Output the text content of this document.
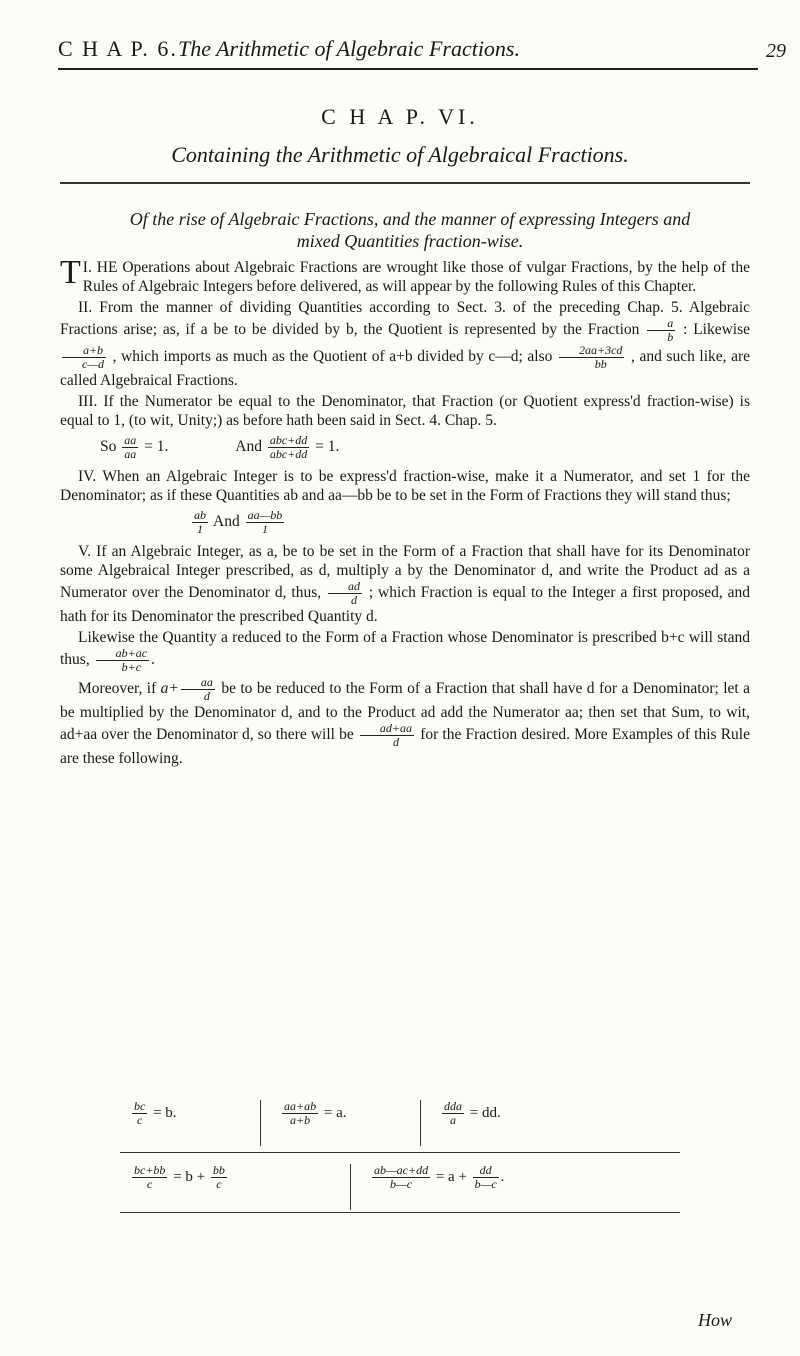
C H A P. 6. The Arithmetic of Algebraic Fractions.	29
C H A P. VI.
Containing the Arithmetic of Algebraical Fractions.
Of the rise of Algebraic Fractions, and the manner of expressing Integers and
mixed Quantities fraction-wise.

I.
T HE Operations about Algebraic Fractions are wrought like those of vulgar Fractions, by the help of the Rules of Algebraic Integers before delivered, as will appear by the following Rules of this Chapter.

II. From the manner of dividing Quantities according to Sect. 3. of the preceding Chap. 5. Algebraic Fractions arise; as, if a be to be divided by b, the Quotient is represented by the Fraction $\frac{a}{b}$ : Likewise
$\frac{a+b}{c—d}$ , which imports as much as the Quotient of a+b divided by c—d; also $\frac{2aa+3cd}{bb}$ , and such like, are called Algebraical Fractions.

III. If the Numerator be equal to the Denominator, that Fraction (or Quotient express'd fraction-wise) is equal to 1, (to wit, Unity;) as before hath been said in Sect. 4. Chap. 5.

So $\frac{aa}{aa} = 1$.	And $\frac{\text{abc+dd}}{\text{abc+dd}} = 1$.

IV. When an Algebraic Integer is to be express'd fraction-wise, make it a Numerator, and set 1 for the Denominator; as if these Quantities ab and aa—bb be to be set in the Form of Fractions they will stand thus;

$\frac{ab}{1}$ And $\frac{aa—bb}{1}$

V. If an Algebraic Integer, as a, be to be set in the Form of a Fraction that shall have for its Denominator some Algebraical Integer prescribed, as d, multiply a by the Denominator d, and write the Product ad as a Numerator over the Denominator d, thus, $\frac{ad}{d}$ ; which Fraction is equal to the Integer a first proposed, and hath for its Denominator the prescribed Quantity d.

Likewise the Quantity a reduced to the Form of a Fraction whose Denominator is prescribed b+c will stand thus, $\frac{ab+ac}{b+c}$ .

Moreover, if $a+ \frac{aa}{d}$ be to be reduced to the Form of a Fraction that shall have d for a Denominator; let a be multiplied by the Denominator d, and to the Product ad add the Numerator aa; then set that Sum, to wit, ad+aa over the Denominator d, so there will be $\frac{ad+aa}{d}$ for the Fraction desired. More Examples of this Rule are these following.

$\frac{bc}{c} = b$.	$\frac{aa+ab}{a+b} = a$.	$\frac{\text{dda}}{a}$ = dd.
$\frac{bc+bb}{c} = b + \frac{bb}{c}$	$\frac{ab—ac+dd}{b—c} = a + \frac{dd}{b—c}$ .
How
